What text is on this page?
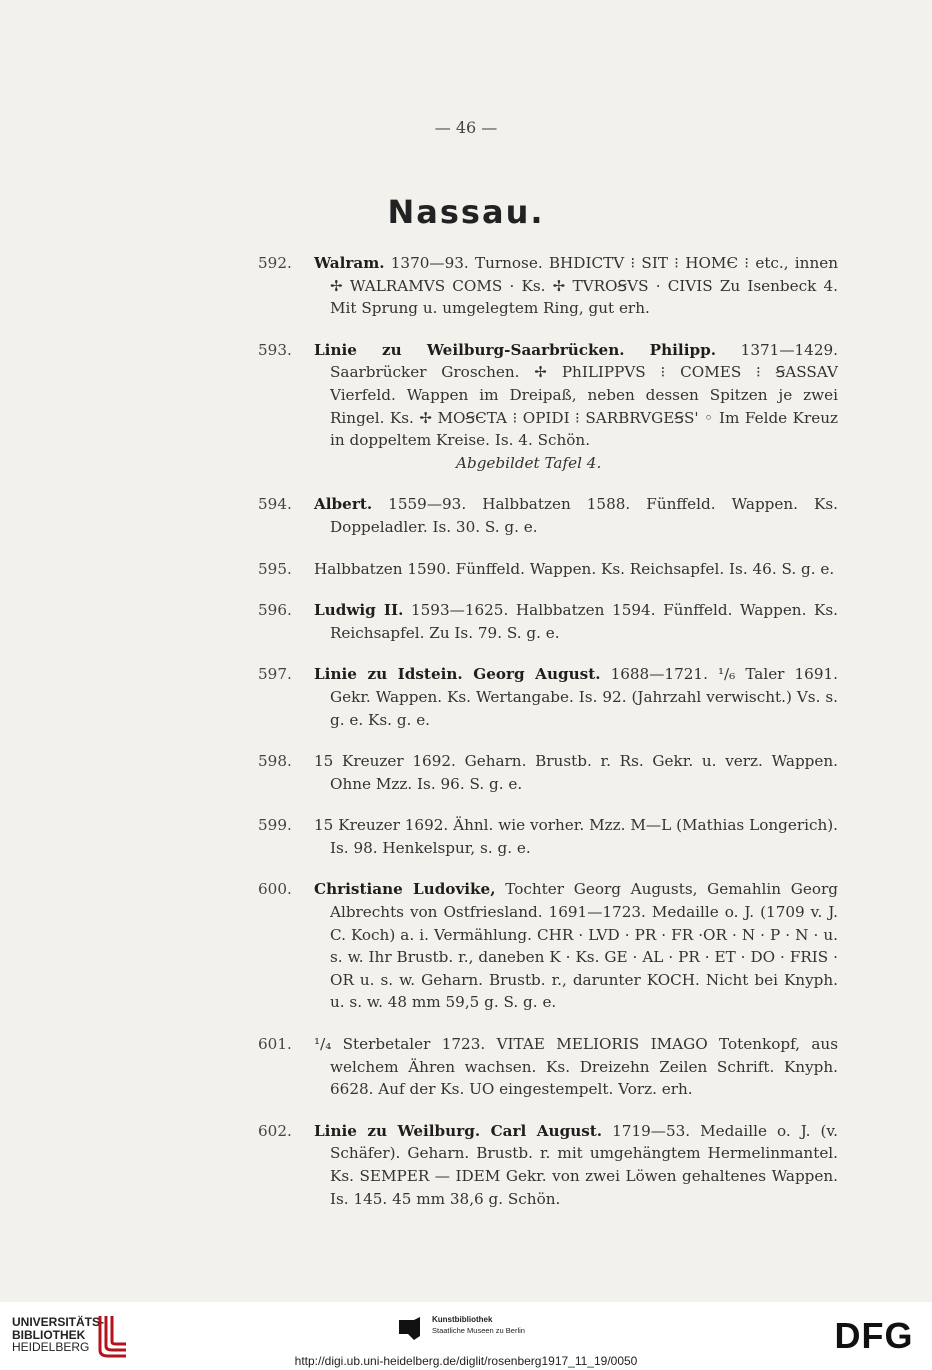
— 46 —
Nassau.
592. Walram. 1370—93. Turnose. BHDIϹTV ⁝ SIT ⁝ HOMЄ ⁝ etc., innen ✢ WALRAMVS ϹOMS · Ks. ✢ TVROꞨVS · ϹIVIS Zu Isenbeck 4. Mit Sprung u. umgelegtem Ring, gut erh.
593. Linie zu Weilburg-Saarbrücken. Philipp. 1371—1429. Saarbrücker Groschen. ✢ PhILIPPVS ⁝ ϹOMES ⁝ ꞨASSAV Vierfeld. Wappen im Dreipaß, neben dessen Spitzen je zwei Ringel. Ks. ✢ MOꞨЄTA ⁝ OPIDI ⁝ SARBRVGEꞨS' ◦ Im Felde Kreuz in doppeltem Kreise. Is. 4. Schön.
Abgebildet Tafel 4.
594. Albert. 1559—93. Halbbatzen 1588. Fünffeld. Wappen. Ks. Doppeladler. Is. 30. S. g. e.
595. Halbbatzen 1590. Fünffeld. Wappen. Ks. Reichsapfel. Is. 46. S. g. e.
596. Ludwig II. 1593—1625. Halbbatzen 1594. Fünffeld. Wappen. Ks. Reichsapfel. Zu Is. 79. S. g. e.
597. Linie zu Idstein. Georg August. 1688—1721. ¹/₆ Taler 1691. Gekr. Wappen. Ks. Wertangabe. Is. 92. (Jahrzahl verwischt.) Vs. s. g. e. Ks. g. e.
598. 15 Kreuzer 1692. Geharn. Brustb. r. Rs. Gekr. u. verz. Wappen. Ohne Mzz. Is. 96. S. g. e.
599. 15 Kreuzer 1692. Ähnl. wie vorher. Mzz. M—L (Mathias Longerich). Is. 98. Henkelspur, s. g. e.
600. Christiane Ludovike, Tochter Georg Augusts, Gemahlin Georg Albrechts von Ostfriesland. 1691—1723. Medaille o. J. (1709 v. J. C. Koch) a. i. Vermählung. CHR · LVD · PR · FR ·OR · N · P · N · u. s. w. Ihr Brustb. r., daneben K · Ks. GE · AL · PR · ET · DO · FRIS · OR u. s. w. Geharn. Brustb. r., darunter KOCH. Nicht bei Knyph. u. s. w. 48 mm 59,5 g. S. g. e.
601. ¹/₄ Sterbetaler 1723. VITAE MELIORIS IMAGO Totenkopf, aus welchem Ähren wachsen. Ks. Dreizehn Zeilen Schrift. Knyph. 6628. Auf der Ks. UO eingestempelt. Vorz. erh.
602. Linie zu Weilburg. Carl August. 1719—53. Medaille o. J. (v. Schäfer). Geharn. Brustb. r. mit umgehängtem Hermelinmantel. Ks. SEMPER — IDEM Gekr. von zwei Löwen gehaltenes Wappen. Is. 145. 45 mm 38,6 g. Schön.
UNIVERSITÄTS-
BIBLIOTHEK
HEIDELBERG
Kunstbibliothek
Staatliche Museen zu Berlin	DFG
http://digi.ub.uni-heidelberg.de/diglit/rosenberg1917_11_19/0050
